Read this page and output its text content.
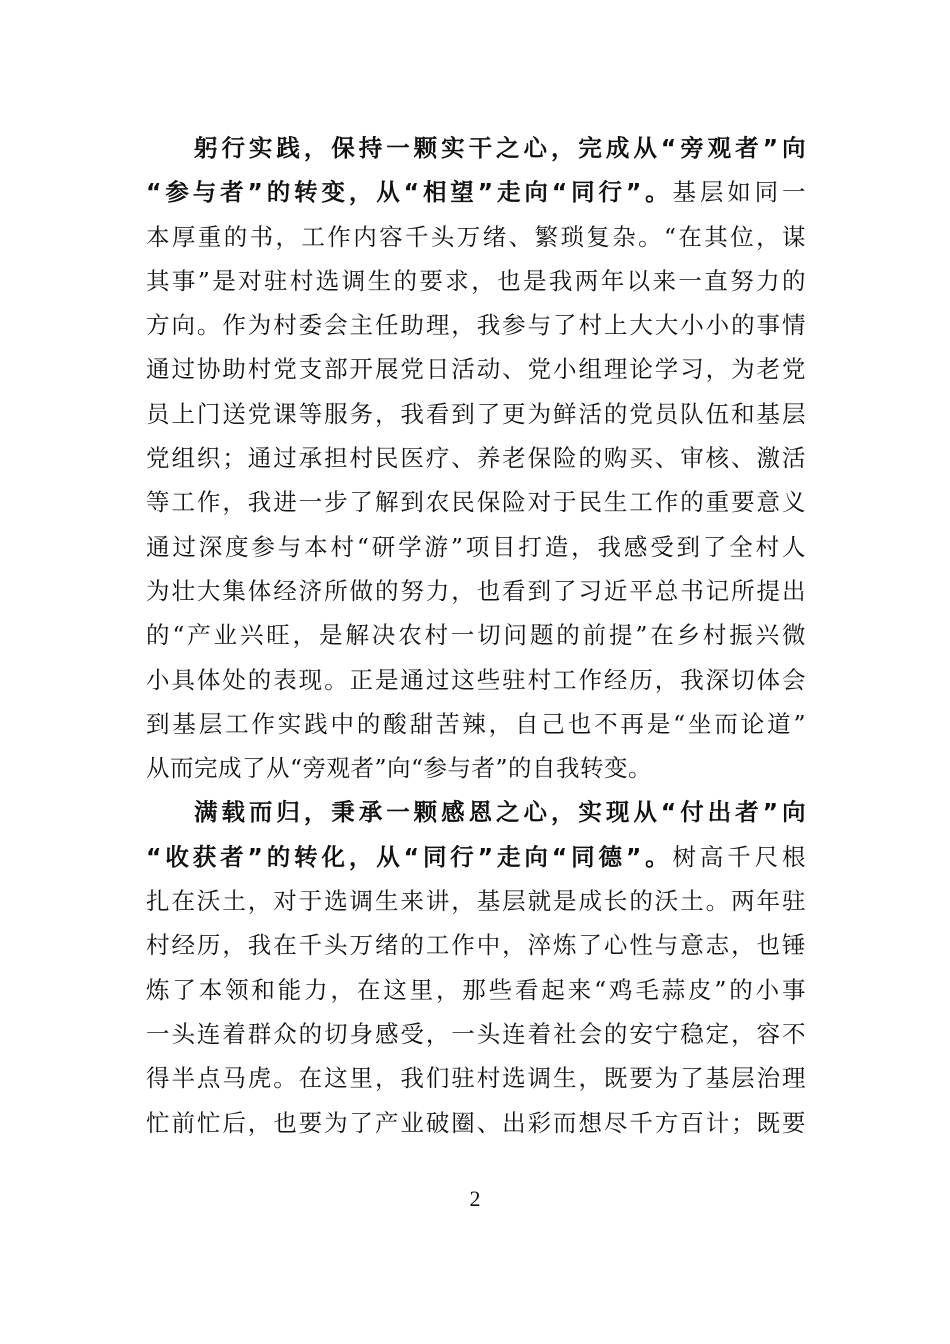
躬行实践，保持一颗实干之心，完成从“旁观者”向
“参与者”的转变，从“相望”走向“同行”。基层如同一
本厚重的书，工作内容千头万绪、繁琐复杂。“在其位，谋
其事”是对驻村选调生的要求，也是我两年以来一直努力的
方向。作为村委会主任助理，我参与了村上大大小小的事情
通过协助村党支部开展党日活动、党小组理论学习，为老党
员上门送党课等服务，我看到了更为鲜活的党员队伍和基层
党组织；通过承担村民医疗、养老保险的购买、审核、激活
等工作，我进一步了解到农民保险对于民生工作的重要意义
通过深度参与本村“研学游”项目打造，我感受到了全村人
为壮大集体经济所做的努力，也看到了习近平总书记所提出
的“产业兴旺，是解决农村一切问题的前提”在乡村振兴微
小具体处的表现。正是通过这些驻村工作经历，我深切体会
到基层工作实践中的酸甜苦辣，自己也不再是“坐而论道”
从而完成了从“旁观者”向“参与者”的自我转变。
满载而归，秉承一颗感恩之心，实现从“付出者”向
“收获者”的转化，从“同行”走向“同德”。树高千尺根
扎在沃土，对于选调生来讲，基层就是成长的沃土。两年驻
村经历，我在千头万绪的工作中，淬炼了心性与意志，也锤
炼了本领和能力，在这里，那些看起来“鸡毛蒜皮”的小事
一头连着群众的切身感受，一头连着社会的安宁稳定，容不
得半点马虎。在这里，我们驻村选调生，既要为了基层治理
忙前忙后，也要为了产业破圈、出彩而想尽千方百计；既要
2
